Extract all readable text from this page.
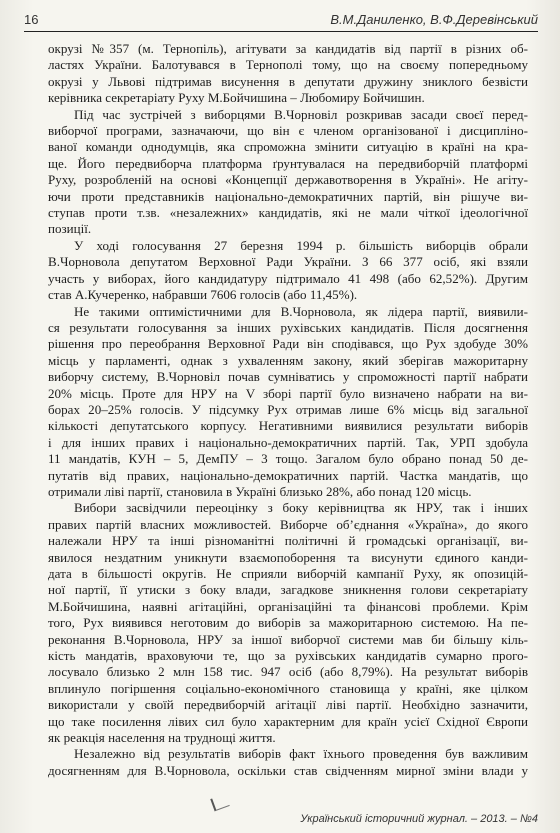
16	В.М.Даниленко, В.Ф.Деревінський

окрузі №357 (м. Тернопіль), агітувати за кандидатів від партії в різних об-

ластях України. Балотувався в Тернополі тому, що на своєму попередньому

окрузі у Львові підтримав висунення в депутати дружину зниклого безвісти

керівника секретаріату Руху М.Бойчишина – Любомиру Бойчишин.

Під час зустрічей з виборцями В.Чорновіл розкривав засади своєї перед-

виборчої програми, зазначаючи, що він є членом організованої і дисципліно-

ваної команди однодумців, яка спроможна змінити ситуацію в країні на кра-

ще. Його передвиборча платформа ґрунтувалася на передвиборчій платформі

Руху, розробленій на основі «Концепції державотворення в Україні». Не агіту-

ючи проти представників національно-демократичних партій, він рішуче ви-

ступав проти т.зв. «незалежних» кандидатів, які не мали чіткої ідеологічної

позиції.

У ході голосування 27 березня 1994 р. більшість виборців обрали

В.Чорновола депутатом Верховної Ради України. З 66 377 осіб, які взяли

участь у виборах, його кандидатуру підтримало 41 498 (або 62,52%). Другим

став А.Кучеренко, набравши 7606 голосів (або 11,45%).

Не такими оптимістичними для В.Чорновола, як лідера партії, виявили-

ся результати голосування за інших рухівських кандидатів. Після досягнення

рішення про переобрання Верховної Ради він сподівався, що Рух здобуде 30%

місць у парламенті, однак з ухваленням закону, який зберігав мажоритарну

виборчу систему, В.Чорновіл почав сумніватись у спроможності партії набрати

20% місць. Проте для НРУ на V зборі партії було визначено набрати на ви-

борах 20–25% голосів. У підсумку Рух отримав лише 6% місць від загальної

кількості депутатського корпусу. Негативними виявилися результати виборів

і для інших правих і національно-демократичних партій. Так, УРП здобула

11 мандатів, КУН – 5, ДемПУ – 3 тощо. Загалом було обрано понад 50 де-

путатів від правих, національно-демократичних партій. Частка мандатів, що

отримали ліві партії, становила в Україні близько 28%, або понад 120 місць.

Вибори засвідчили переоцінку з боку керівництва як НРУ, так і інших

правих партій власних можливостей. Виборче об’єднання «Україна», до якого

належали НРУ та інші різноманітні політичні й громадські організації, ви-

явилося нездатним уникнути взаємопоборення та висунути єдиного канди-

дата в більшості округів. Не сприяли виборчій кампанії Руху, як опозицій-

ної партії, її утиски з боку влади, загадкове зникнення голови секретаріату

М.Бойчишина, наявні агітаційні, організаційні та фінансові проблеми. Крім

того, Рух виявився неготовим до виборів за мажоритарною системою. На пе-

реконання В.Чорновола, НРУ за іншої виборчої системи мав би більшу кіль-

кість мандатів, враховуючи те, що за рухівських кандидатів сумарно прого-

лосувало близько 2 млн 158 тис. 947 осіб (або 8,79%). На результат виборів

вплинуло погіршення соціально-економічного становища у країні, яке цілком

використали у своїй передвиборчій агітації ліві партії. Необхідно зазначити,

що таке посилення лівих сил було характерним для країн усієї Східної Європи

як реакція населення на труднощі життя.

Незалежно від результатів виборів факт їхнього проведення був важливим

досягненням для В.Чорновола, оскільки став свідченням мирної зміни влади у

Український історичний журнал. – 2013. – №4
